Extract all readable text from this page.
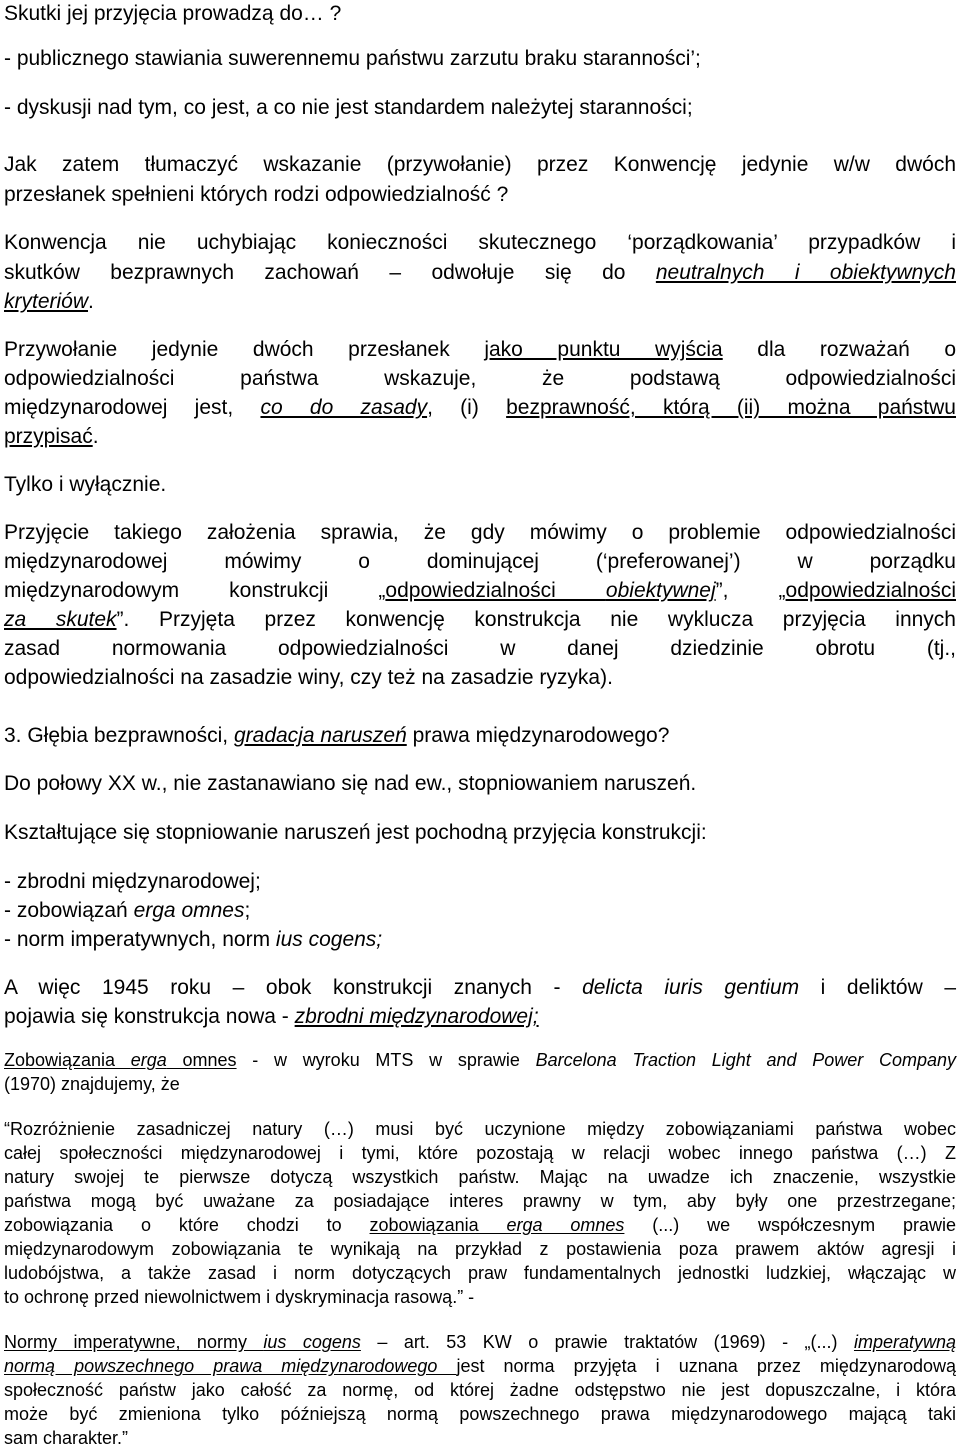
Skutki jej przyjęcia prowadzą do… ?
- publicznego stawiania suwerennemu państwu zarzutu braku staranności’;
- dyskusji nad tym, co jest, a co nie jest standardem należytej staranności;
Jak zatem tłumaczyć wskazanie (przywołanie) przez Konwencję jedynie w/w dwóch
przesłanek spełnieni których rodzi odpowiedzialność ?
Konwencja nie uchybiając konieczności skutecznego ‘porządkowania’ przypadków i
skutków bezprawnych zachowań – odwołuje się do neutralnych i obiektywnych
kryteriów.
Przywołanie jedynie dwóch przesłanek jako punktu wyjścia dla rozważań o
odpowiedzialności państwa wskazuje, że podstawą odpowiedzialności
międzynarodowej jest, co do zasady, (i) bezprawność, którą (ii) można państwu
przypisać.
Tylko i wyłącznie.
Przyjęcie takiego założenia sprawia, że gdy mówimy o problemie odpowiedzialności
międzynarodowej mówimy o dominującej (‘preferowanej’) w porządku
międzynarodowym konstrukcji „odpowiedzialności obiektywnej”, „odpowiedzialności
za skutek”. Przyjęta przez konwencję konstrukcja nie wyklucza przyjęcia innych
zasad normowania odpowiedzialności w danej dziedzinie obrotu (tj.,
odpowiedzialności na zasadzie winy, czy też na zasadzie ryzyka).
3. Głębia bezprawności, gradacja naruszeń prawa międzynarodowego?
Do połowy XX w., nie zastanawiano się nad ew., stopniowaniem naruszeń.
Kształtujące się stopniowanie naruszeń jest pochodną przyjęcia konstrukcji:
- zbrodni międzynarodowej;
- zobowiązań erga omnes;
- norm imperatywnych, norm ius cogens;
A więc 1945 roku – obok konstrukcji znanych - delicta iuris gentium i deliktów –
pojawia się konstrukcja nowa - zbrodni międzynarodowej;
Zobowiązania erga omnes - w wyroku MTS w sprawie Barcelona Traction Light and Power Company
(1970) znajdujemy, że
“Rozróżnienie zasadniczej natury (…) musi być uczynione między zobowiązaniami państwa wobec
całej społeczności międzynarodowej i tymi, które pozostają w relacji wobec innego państwa (…) Z
natury swojej te pierwsze dotyczą wszystkich państw. Mając na uwadze ich znaczenie, wszystkie
państwa mogą być uważane za posiadające interes prawny w tym, aby były one przestrzegane;
zobowiązania o które chodzi to zobowiązania erga omnes (...) we współczesnym prawie
międzynarodowym zobowiązania te wynikają na przykład z postawienia poza prawem aktów agresji i
ludobójstwa, a także zasad i norm dotyczących praw fundamentalnych jednostki ludzkiej, włączając w
to ochronę przed niewolnictwem i dyskryminacja rasową.” -
Normy imperatywne, normy ius cogens – art. 53 KW o prawie traktatów (1969) - „(...) imperatywną
normą powszechnego prawa międzynarodowego jest norma przyjęta i uznana przez międzynarodową
społeczność państw jako całość za normę, od której żadne odstępstwo nie jest dopuszczalne, i która
może być zmieniona tylko późniejszą normą powszechnego prawa międzynarodowego mającą taki
sam charakter.”
